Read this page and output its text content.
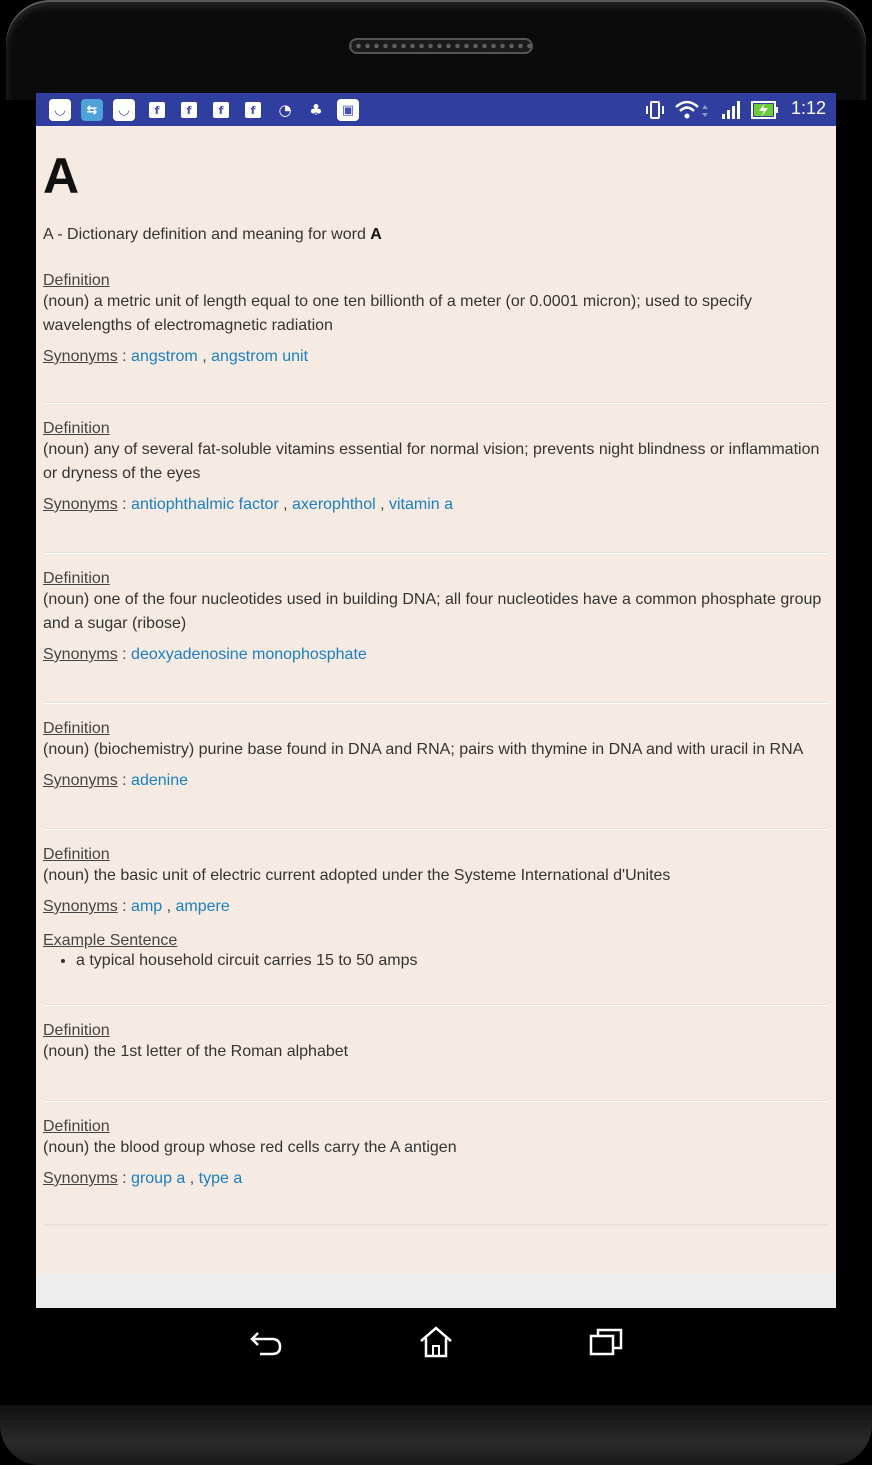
◡	⇆	◡	f	f	f	f	◔ ♣	▣	1:12
A
A - Dictionary definition and meaning for word A
Definition
(noun) a metric unit of length equal to one ten billionth of a meter (or 0.0001 micron); used to specify wavelengths of electromagnetic radiation
Synonyms : angstrom , angstrom unit
Definition
(noun) any of several fat-soluble vitamins essential for normal vision; prevents night blindness or inflammation or dryness of the eyes
Synonyms : antiophthalmic factor , axerophthol , vitamin a
Definition
(noun) one of the four nucleotides used in building DNA; all four nucleotides have a common phosphate group and a sugar (ribose)
Synonyms : deoxyadenosine monophosphate
Definition
(noun) (biochemistry) purine base found in DNA and RNA; pairs with thymine in DNA and with uracil in RNA
Synonyms : adenine
Definition
(noun) the basic unit of electric current adopted under the Systeme International d'Unites
Synonyms : amp , ampere
Example Sentence
• a typical household circuit carries 15 to 50 amps
Definition
(noun) the 1st letter of the Roman alphabet
Definition
(noun) the blood group whose red cells carry the A antigen
Synonyms : group a , type a
